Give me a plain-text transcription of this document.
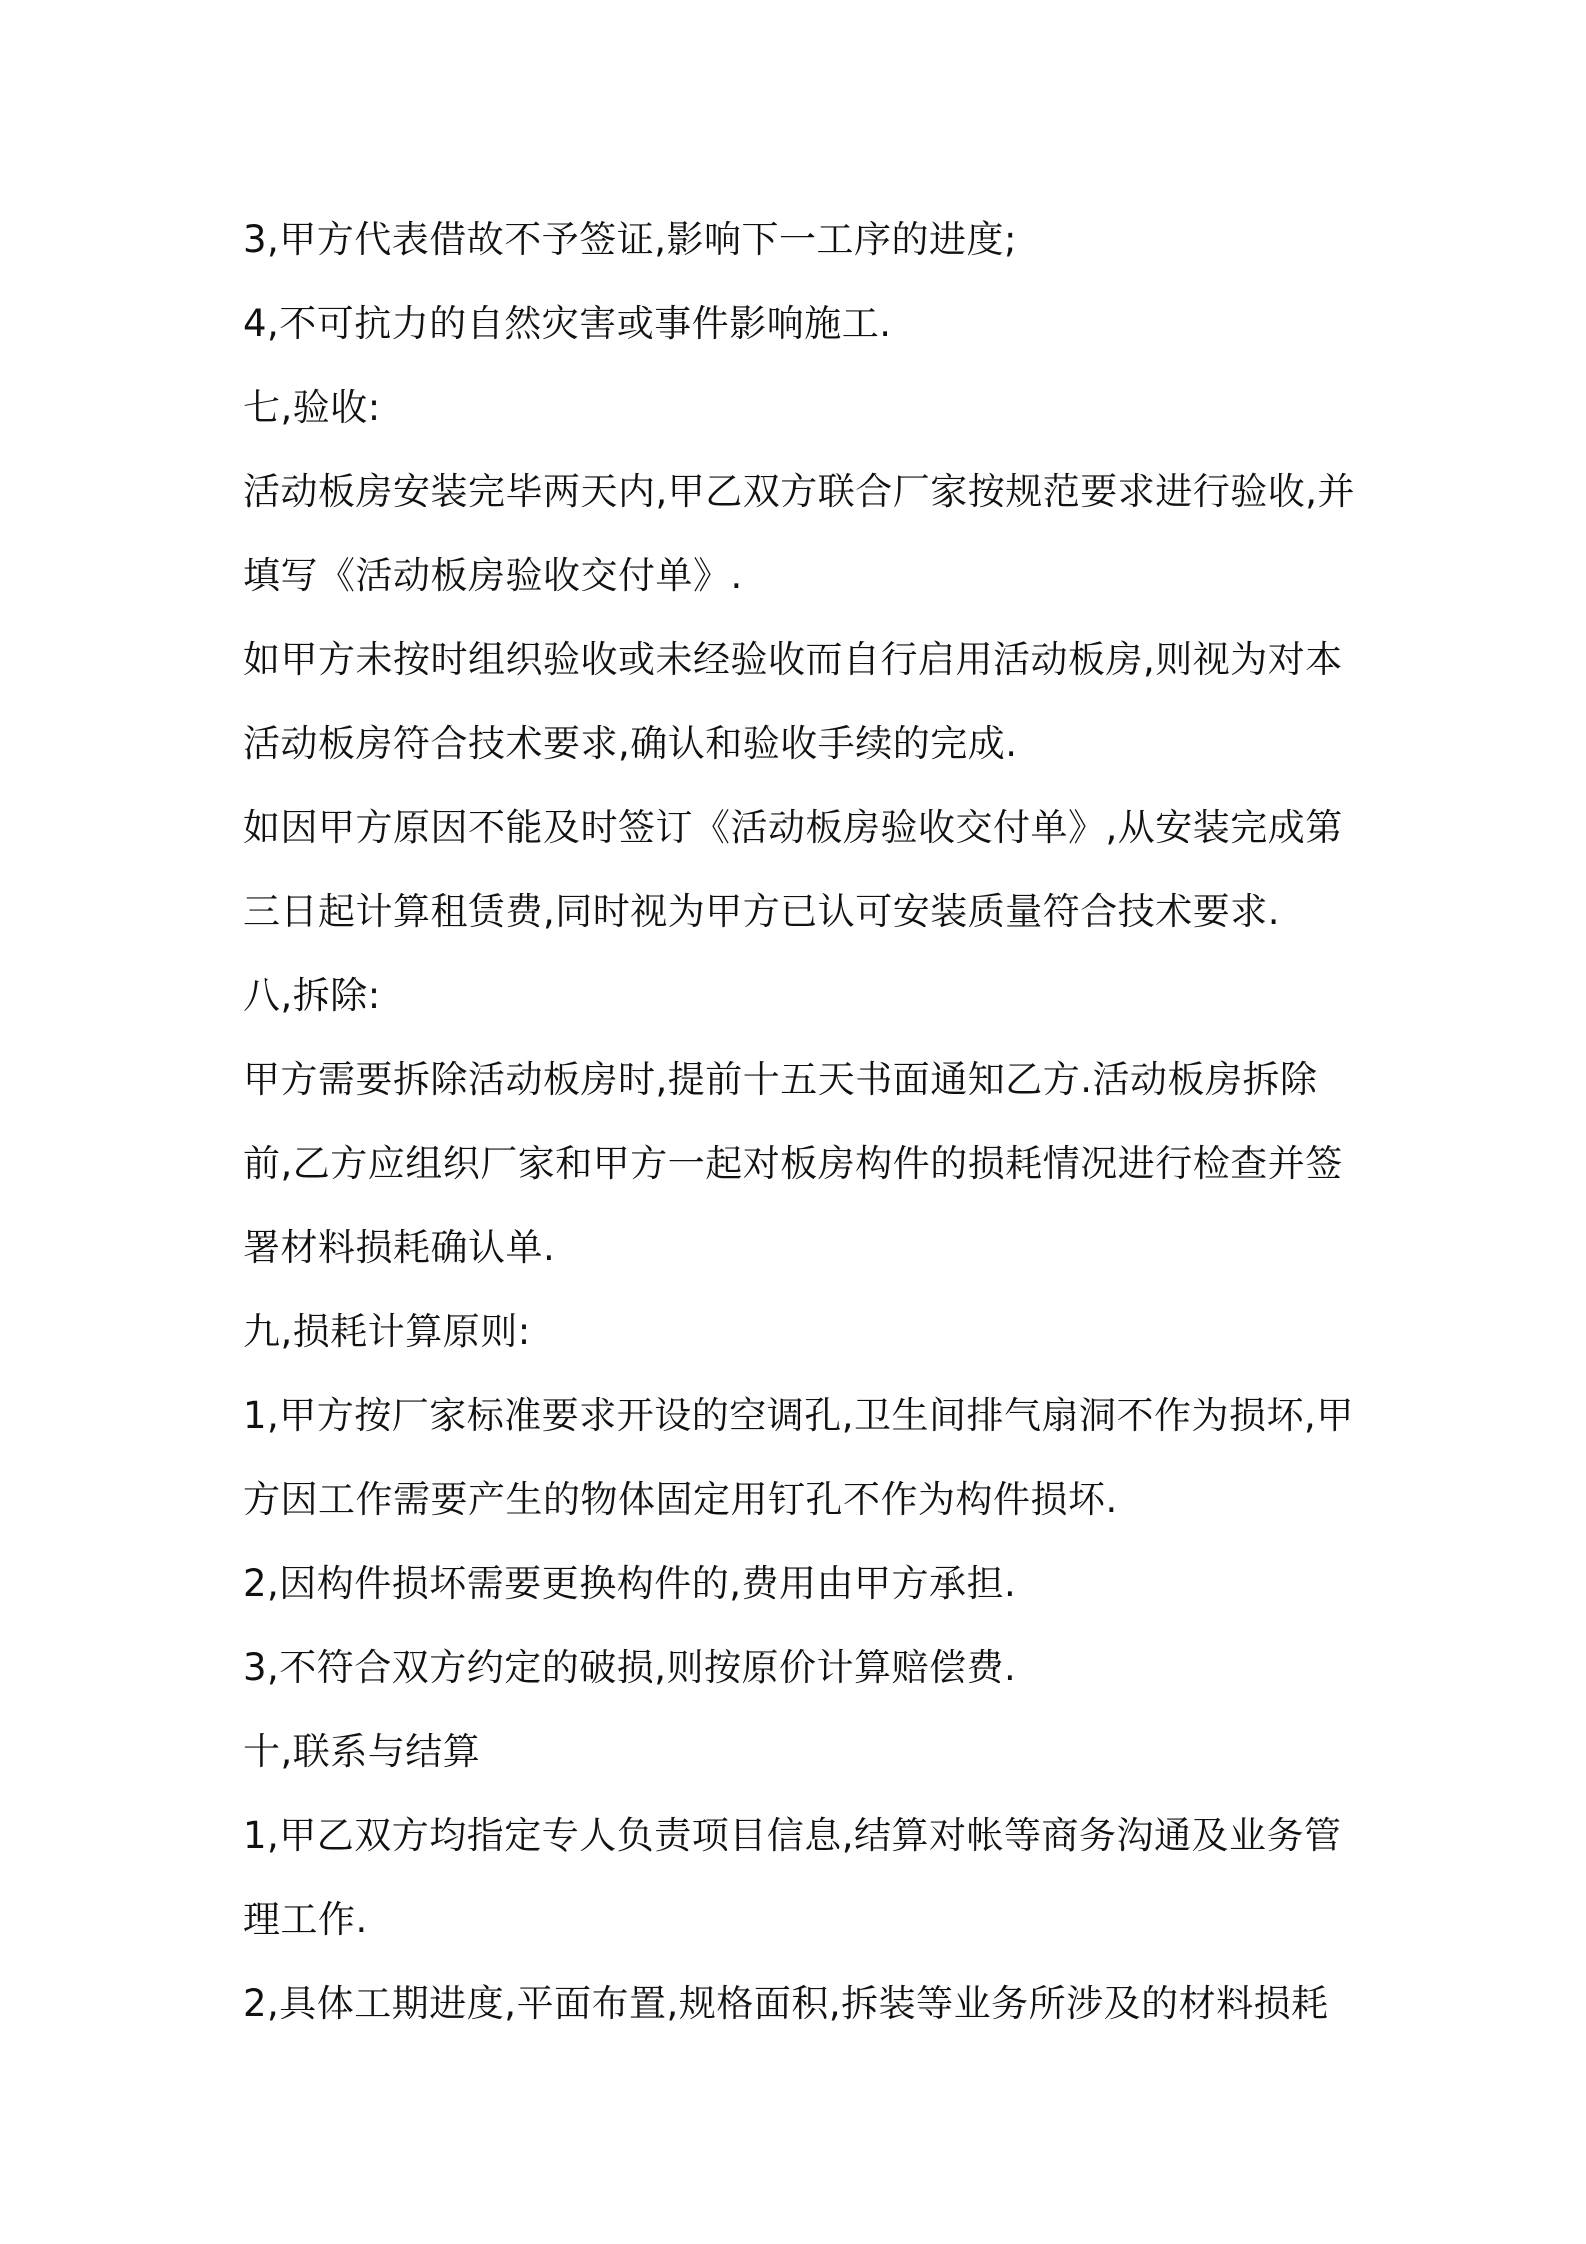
3,甲方代表借故不予签证,影响下一工序的进度;
4,不可抗力的自然灾害或事件影响施工.
七,验收:
活动板房安装完毕两天内,甲乙双方联合厂家按规范要求进行验收,并
填写《活动板房验收交付单》.
如甲方未按时组织验收或未经验收而自行启用活动板房,则视为对本
活动板房符合技术要求,确认和验收手续的完成.
如因甲方原因不能及时签订《活动板房验收交付单》,从安装完成第
三日起计算租赁费,同时视为甲方已认可安装质量符合技术要求.
八,拆除:
甲方需要拆除活动板房时,提前十五天书面通知乙方.活动板房拆除
前,乙方应组织厂家和甲方一起对板房构件的损耗情况进行检查并签
署材料损耗确认单.
九,损耗计算原则:
1,甲方按厂家标准要求开设的空调孔,卫生间排气扇洞不作为损坏,甲
方因工作需要产生的物体固定用钉孔不作为构件损坏.
2,因构件损坏需要更换构件的,费用由甲方承担.
3,不符合双方约定的破损,则按原价计算赔偿费.
十,联系与结算
1,甲乙双方均指定专人负责项目信息,结算对帐等商务沟通及业务管
理工作.
2,具体工期进度,平面布置,规格面积,拆装等业务所涉及的材料损耗
